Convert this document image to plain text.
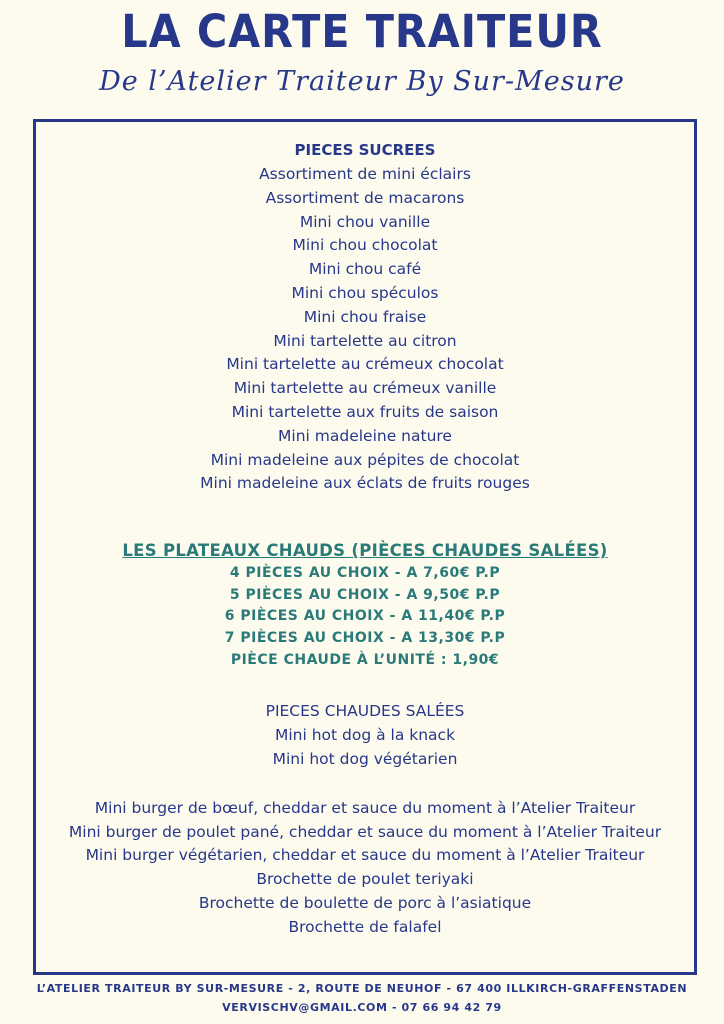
LA CARTE TRAITEUR
De l’Atelier Traiteur By Sur-Mesure
PIECES SUCREES
Assortiment de mini éclairs
Assortiment de macarons
Mini chou vanille
Mini chou chocolat
Mini chou café
Mini chou spéculos
Mini chou fraise
Mini tartelette au citron
Mini tartelette au crémeux chocolat
Mini tartelette au crémeux vanille
Mini tartelette aux fruits de saison
Mini madeleine nature
Mini madeleine aux pépites de chocolat
Mini madeleine aux éclats de fruits rouges
LES PLATEAUX CHAUDS (PIÈCES CHAUDES SALÉES)
4 PIÈCES AU CHOIX - A 7,60€ P.P
5 PIÈCES AU CHOIX - A 9,50€ P.P
6 PIÈCES AU CHOIX - A 11,40€ P.P
7 PIÈCES AU CHOIX - A 13,30€ P.P
PIÈCE CHAUDE À L’UNITÉ : 1,90€
PIECES CHAUDES SALÉES
Mini hot dog à la knack
Mini hot dog végétarien
Mini burger de bœuf, cheddar et sauce du moment à l’Atelier Traiteur
Mini burger de poulet pané, cheddar et sauce du moment à l’Atelier Traiteur
Mini burger végétarien, cheddar et sauce du moment à l’Atelier Traiteur
Brochette de poulet teriyaki
Brochette de boulette de porc à l’asiatique
Brochette de falafel
L’ATELIER TRAITEUR BY SUR-MESURE - 2, ROUTE DE NEUHOF - 67 400 ILLKIRCH-GRAFFENSTADEN
VERVISCHV@GMAIL.COM - 07 66 94 42 79
